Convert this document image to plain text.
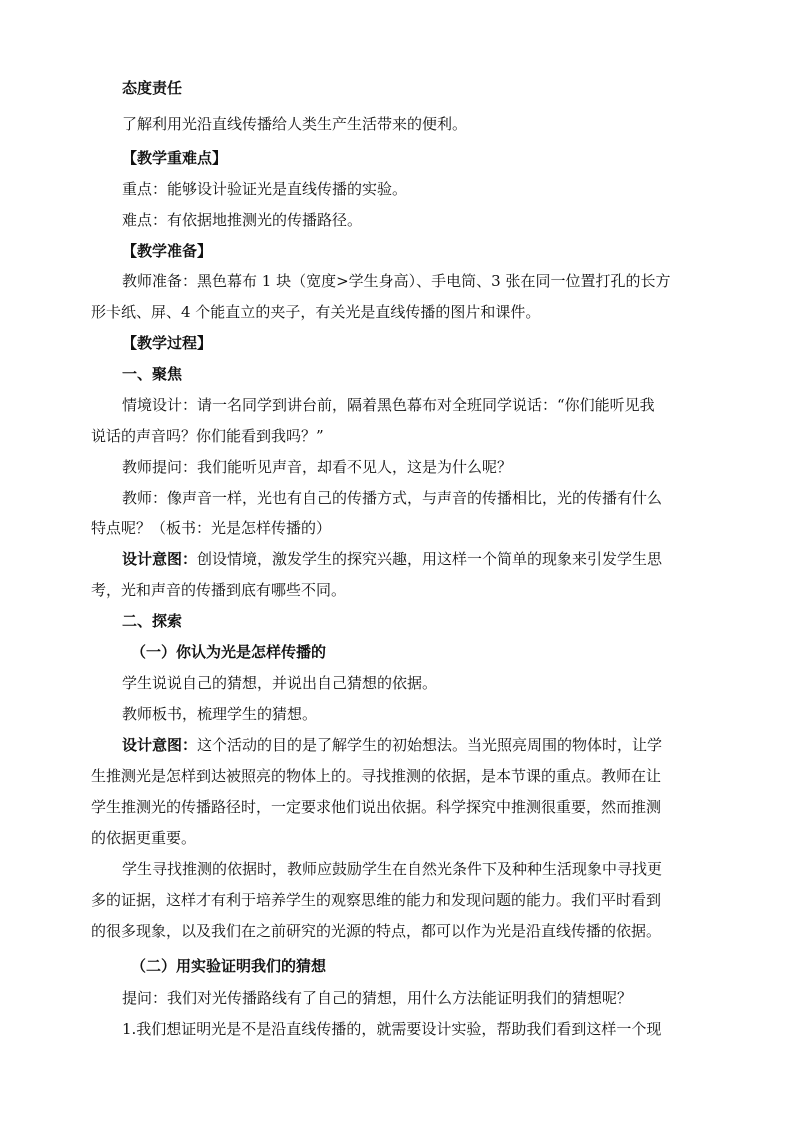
态度责任
了解利用光沿直线传播给人类生产生活带来的便利。
【教学重难点】
重点：能够设计验证光是直线传播的实验。
难点：有依据地推测光的传播路径。
【教学准备】
教师准备：黑色幕布 1 块（宽度>学生身高）、手电筒、3 张在同一位置打孔的长方
形卡纸、屏、4 个能直立的夹子，有关光是直线传播的图片和课件。
【教学过程】
一、聚焦
情境设计：请一名同学到讲台前，隔着黑色幕布对全班同学说话：“你们能听见我
说话的声音吗？你们能看到我吗？”
教师提问：我们能听见声音，却看不见人，这是为什么呢？
教师：像声音一样，光也有自己的传播方式，与声音的传播相比，光的传播有什么
特点呢？（板书：光是怎样传播的）
设计意图：创设情境，激发学生的探究兴趣，用这样一个简单的现象来引发学生思
考，光和声音的传播到底有哪些不同。
二、探索
（一）你认为光是怎样传播的
学生说说自己的猜想，并说出自己猜想的依据。
教师板书，梳理学生的猜想。
设计意图：这个活动的目的是了解学生的初始想法。当光照亮周围的物体时，让学
生推测光是怎样到达被照亮的物体上的。寻找推测的依据，是本节课的重点。教师在让
学生推测光的传播路径时，一定要求他们说出依据。科学探究中推测很重要，然而推测
的依据更重要。
学生寻找推测的依据时，教师应鼓励学生在自然光条件下及种种生活现象中寻找更
多的证据，这样才有利于培养学生的观察思维的能力和发现问题的能力。我们平时看到
的很多现象，以及我们在之前研究的光源的特点，都可以作为光是沿直线传播的依据。
（二）用实验证明我们的猜想
提问：我们对光传播路线有了自己的猜想，用什么方法能证明我们的猜想呢？
1.我们想证明光是不是沿直线传播的，就需要设计实验，帮助我们看到这样一个现
